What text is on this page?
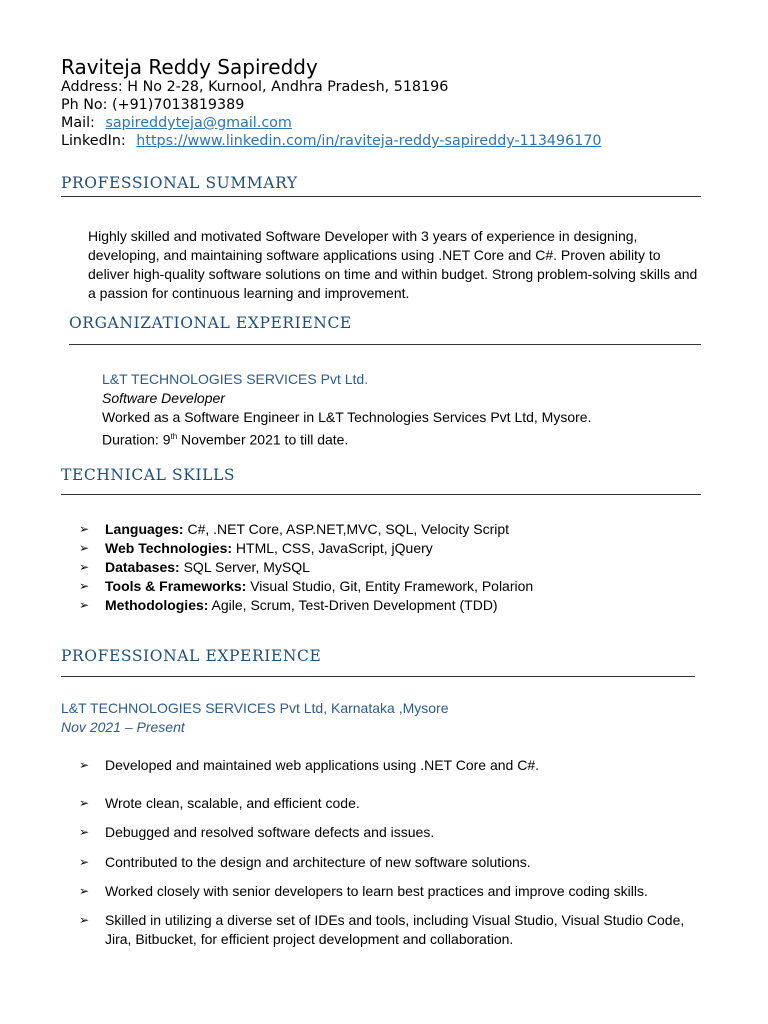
Raviteja Reddy Sapireddy
Address: H No 2-28, Kurnool, Andhra Pradesh, 518196
Ph No: (+91)7013819389
Mail: sapireddyteja@gmail.com
LinkedIn: https://www.linkedin.com/in/raviteja-reddy-sapireddy-113496170
PROFESSIONAL SUMMARY
Highly skilled and motivated Software Developer with 3 years of experience in designing, developing, and maintaining software applications using .NET Core and C#. Proven ability to deliver high-quality software solutions on time and within budget. Strong problem-solving skills and a passion for continuous learning and improvement.
ORGANIZATIONAL EXPERIENCE
L&T TECHNOLOGIES SERVICES Pvt Ltd.
Software Developer
Worked as a Software Engineer in L&T Technologies Services Pvt Ltd, Mysore.
Duration: 9th November 2021 to till date.
TECHNICAL SKILLS
➢ Languages: C#, .NET Core, ASP.NET,MVC, SQL, Velocity Script
➢ Web Technologies: HTML, CSS, JavaScript, jQuery
➢ Databases: SQL Server, MySQL
➢ Tools & Frameworks: Visual Studio, Git, Entity Framework, Polarion
➢ Methodologies: Agile, Scrum, Test-Driven Development (TDD)
PROFESSIONAL EXPERIENCE
L&T TECHNOLOGIES SERVICES Pvt Ltd, Karnataka ,Mysore
Nov 2021 – Present
➢ Developed and maintained web applications using .NET Core and C#.
➢ Wrote clean, scalable, and efficient code.
➢ Debugged and resolved software defects and issues.
➢ Contributed to the design and architecture of new software solutions.
➢ Worked closely with senior developers to learn best practices and improve coding skills.
➢ Skilled in utilizing a diverse set of IDEs and tools, including Visual Studio, Visual Studio Code, Jira, Bitbucket, for efficient project development and collaboration.
